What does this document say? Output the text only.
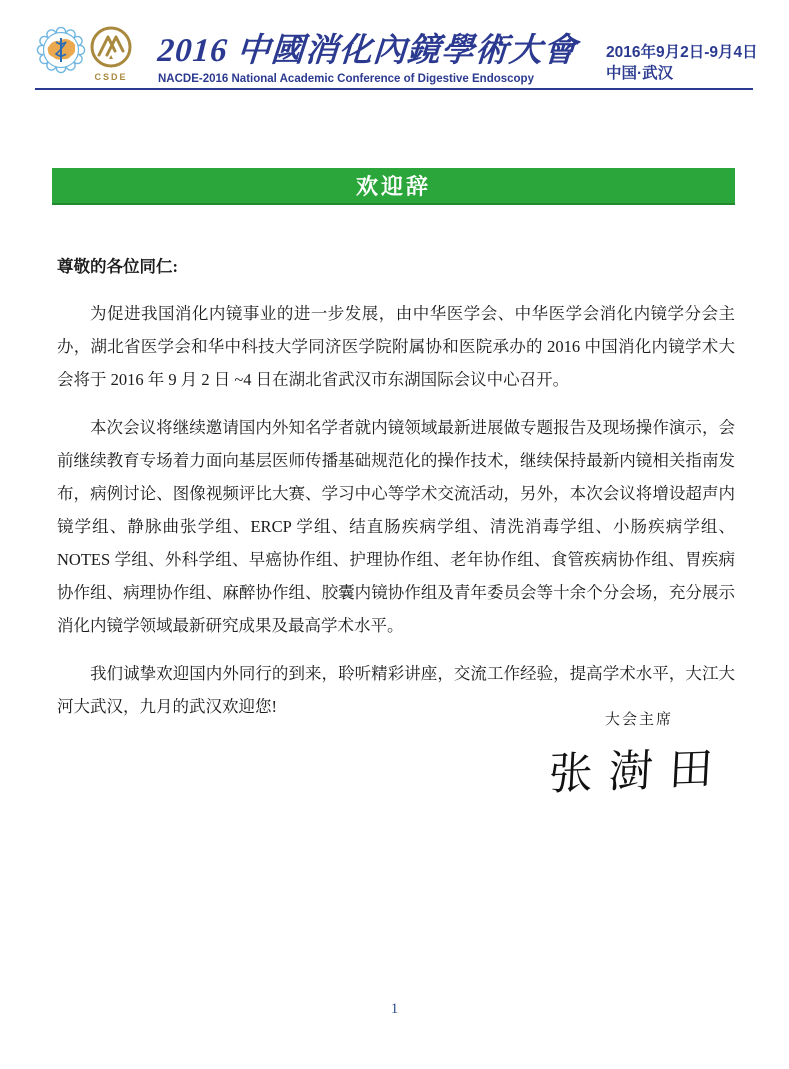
CSDE
2016 中國消化內鏡學術大會
NACDE-2016 National Academic Conference of Digestive Endoscopy
2016年9月2日-9月4日
中国·武汉
欢迎辞
尊敬的各位同仁:

为促进我国消化内镜事业的进一步发展，由中华医学会、中华医学会消化内镜学分会主办，湖北省医学会和华中科技大学同济医学院附属协和医院承办的 2016 中国消化内镜学术大会将于 2016 年 9 月 2 日 ~4 日在湖北省武汉市东湖国际会议中心召开。

本次会议将继续邀请国内外知名学者就内镜领域最新进展做专题报告及现场操作演示，会前继续教育专场着力面向基层医师传播基础规范化的操作技术，继续保持最新内镜相关指南发布，病例讨论、图像视频评比大赛、学习中心等学术交流活动，另外，本次会议将增设超声内镜学组、静脉曲张学组、ERCP 学组、结直肠疾病学组、清洗消毒学组、小肠疾病学组、NOTES 学组、外科学组、早癌协作组、护理协作组、老年协作组、食管疾病协作组、胃疾病协作组、病理协作组、麻醉协作组、胶囊内镜协作组及青年委员会等十余个分会场，充分展示消化内镜学领域最新研究成果及最高学术水平。

我们诚挚欢迎国内外同行的到来，聆听精彩讲座，交流工作经验，提高学术水平，大江大河大武汉，九月的武汉欢迎您!

大会主席
张澍田
1
